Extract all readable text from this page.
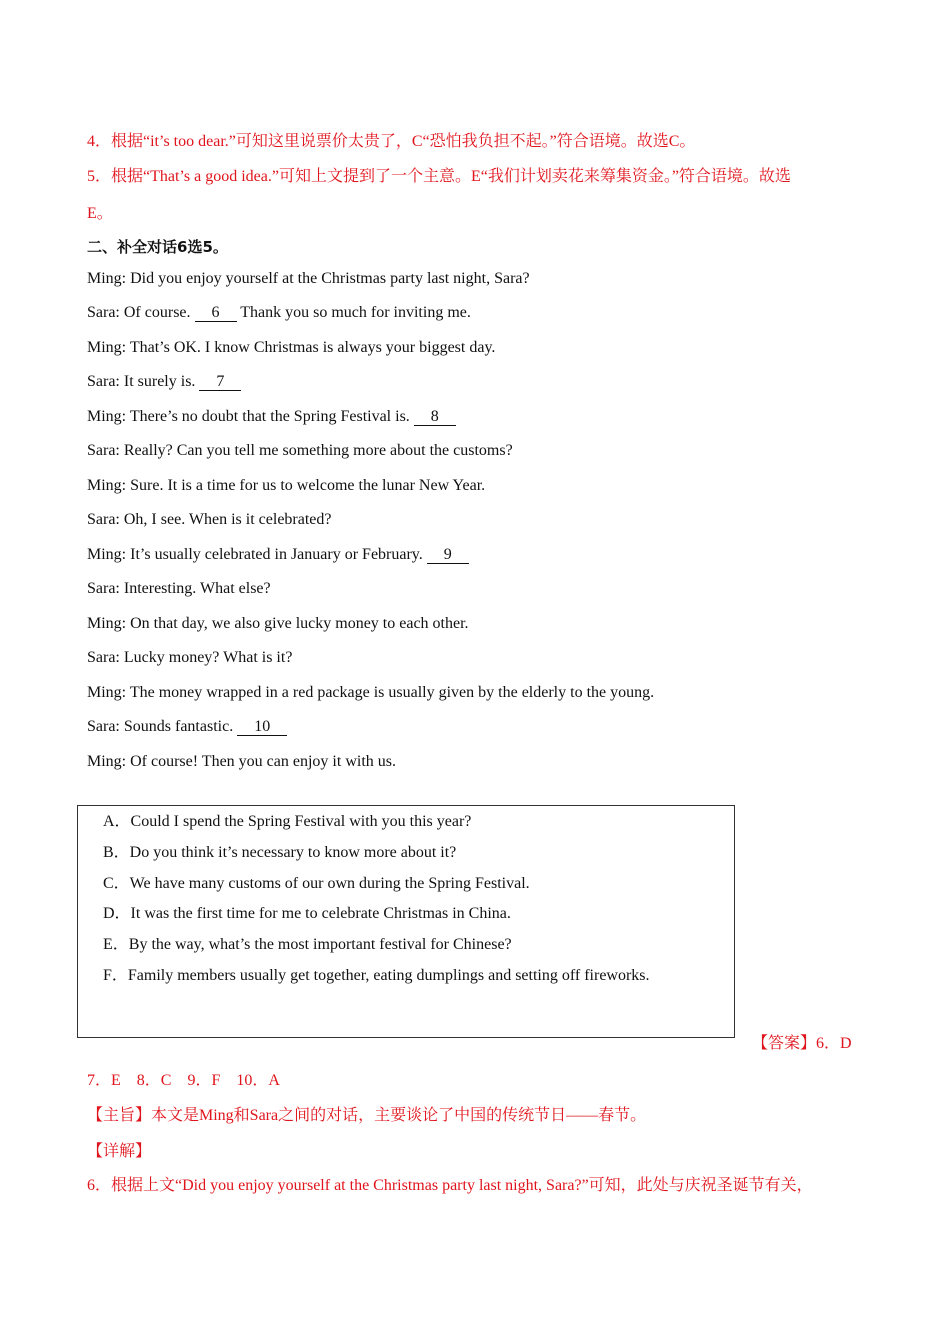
4．根据“it’s too dear.”可知这里说票价太贵了，C“恐怕我负担不起。”符合语境。故选C。
5．根据“That’s a good idea.”可知上文提到了一个主意。E“我们计划卖花来筹集资金。”符合语境。故选
E。
二、补全对话6选5。
Ming: Did you enjoy yourself at the Christmas party last night, Sara?
Sara: Of course. 6 Thank you so much for inviting me.
Ming: That’s OK. I know Christmas is always your biggest day.
Sara: It surely is. 7
Ming: There’s no doubt that the Spring Festival is. 8
Sara: Really? Can you tell me something more about the customs?
Ming: Sure. It is a time for us to welcome the lunar New Year.
Sara: Oh, I see. When is it celebrated?
Ming: It’s usually celebrated in January or February. 9
Sara: Interesting. What else?
Ming: On that day, we also give lucky money to each other.
Sara: Lucky money? What is it?
Ming: The money wrapped in a red package is usually given by the elderly to the young.
Sara: Sounds fantastic. 10
Ming: Of course! Then you can enjoy it with us.
A．Could I spend the Spring Festival with you this year?
B．Do you think it’s necessary to know more about it?
C．We have many customs of our own during the Spring Festival.
D．It was the first time for me to celebrate Christmas in China.
E．By the way, what’s the most important festival for Chinese?
F．Family members usually get together, eating dumplings and setting off fireworks.
【答案】6．D
7．E    8．C    9．F    10．A
【主旨】本文是Ming和Sara之间的对话，主要谈论了中国的传统节日——春节。
【详解】
6．根据上文“Did you enjoy yourself at the Christmas party last night, Sara?”可知，此处与庆祝圣诞节有关，
